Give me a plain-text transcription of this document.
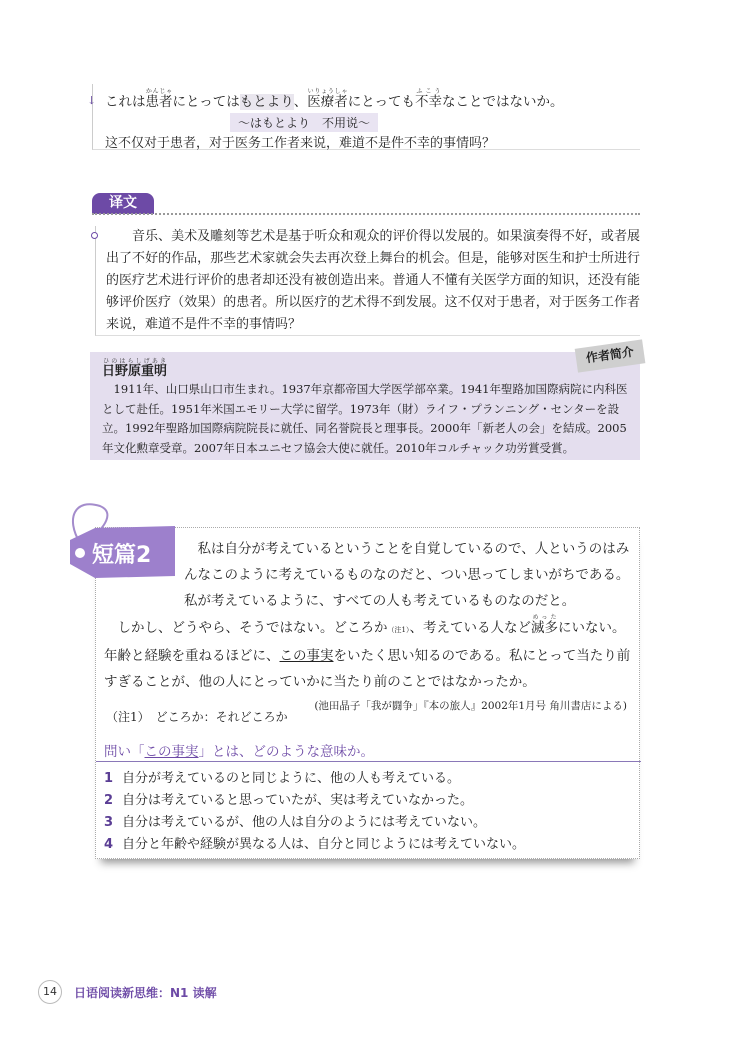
↓ これは患者かんじゃにとってはもとより、医療者いりょうしゃにとっても不幸ふこうなことではないか。
〜はもとより　不用说〜
这不仅对于患者，对于医务工作者来说，难道不是件不幸的事情吗？
译文

音乐、美术及雕刻等艺术是基于听众和观众的评价得以发展的。如果演奏得不好，或者展出了不好的作品，那些艺术家就会失去再次登上舞台的机会。但是，能够对医生和护士所进行的医疗艺术进行评价的患者却还没有被创造出来。普通人不懂有关医学方面的知识，还没有能够评价医疗（效果）的患者。所以医疗的艺术得不到发展。这不仅对于患者，对于医务工作者来说，难道不是件不幸的事情吗？

作者简介
日野原重明ひのはらしげあき

1911年、山口県山口市生まれ。1937年京都帝国大学医学部卒業。1941年聖路加国際病院に内科医として赴任。1951年米国エモリー大学に留学。1973年（財）ライフ・プランニング・センターを設立。1992年聖路加国際病院院長に就任、同名誉院長と理事長。2000年「新老人の会」を結成。2005年文化勲章受章。2007年日本ユニセフ協会大使に就任。2010年コルチャック功労賞受賞。

私は自分が考えているということを自覚しているので、人というのはみんなこのように考えているものなのだと、つい思ってしまいがちである。私が考えているように、すべての人も考えているものなのだと。

しかし、どうやら、そうではない。どころか（注1）、考えている人など滅多めったにいない。年齢と経験を重ねるほどに、この事実をいたく思い知るのである。私にとって当たり前すぎることが、他の人にとっていかに当たり前のことではなかったか。

(池田晶子「我が闘争」『本の旅人』2002年1月号 角川書店による)
（注1）　どころか：それどころか
問い「この事実」とは、どのような意味か。
1 自分が考えているのと同じように、他の人も考えている。
2 自分は考えていると思っていたが、実は考えていなかった。
3 自分は考えているが、他の人は自分のようには考えていない。
4 自分と年齢や経験が異なる人は、自分と同じようには考えていない。
短篇2
14	日语阅读新思维：N1 读解
